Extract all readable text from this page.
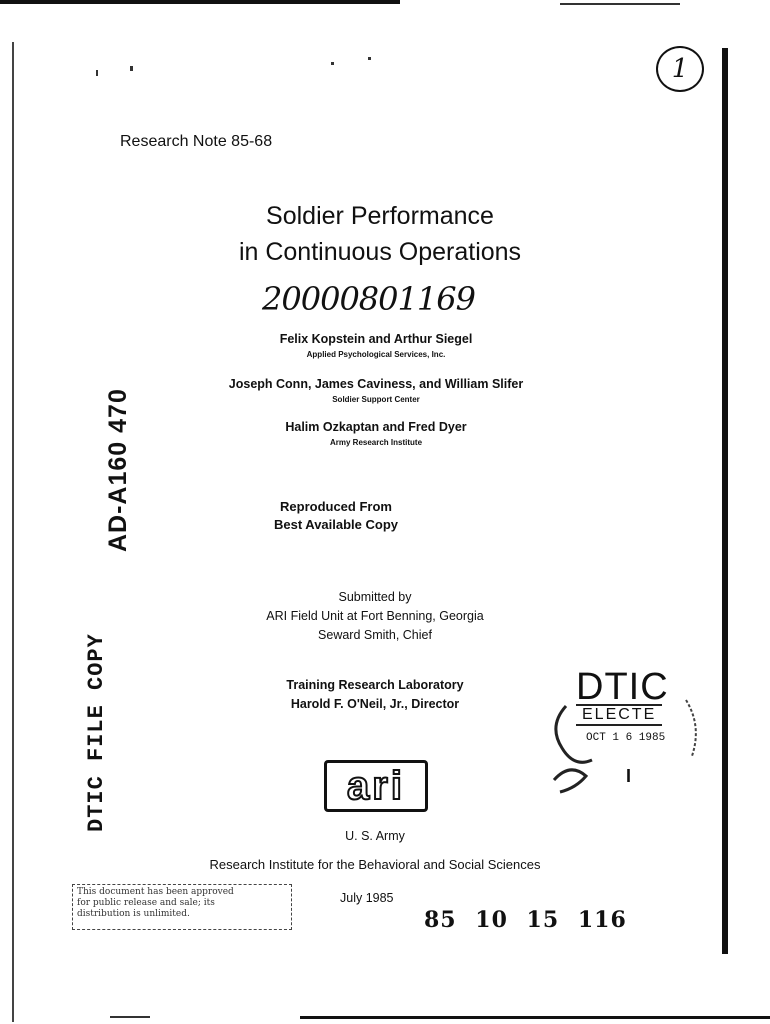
1
Research Note 85-68
Soldier Performance
in Continuous Operations
20000801169
Felix Kopstein and Arthur Siegel
Applied Psychological Services, Inc.
Joseph Conn, James Caviness, and William Slifer
Soldier Support Center
Halim Ozkaptan and Fred Dyer
Army Research Institute
AD-A160 470	Reproduced From
Best Available Copy
Submitted by
ARI Field Unit at Fort Benning, Georgia
Seward Smith, Chief
Training Research Laboratory
Harold F. O'Neil, Jr., Director	DTIC
ELECTE
OCT 1 6 1985
I
DTIC FILE COPY	ari
U. S. Army
Research Institute for the Behavioral and Social Sciences
This document has been approved
for public release and sale; its
distribution is unlimited.
July 1985
85 10 15 116
